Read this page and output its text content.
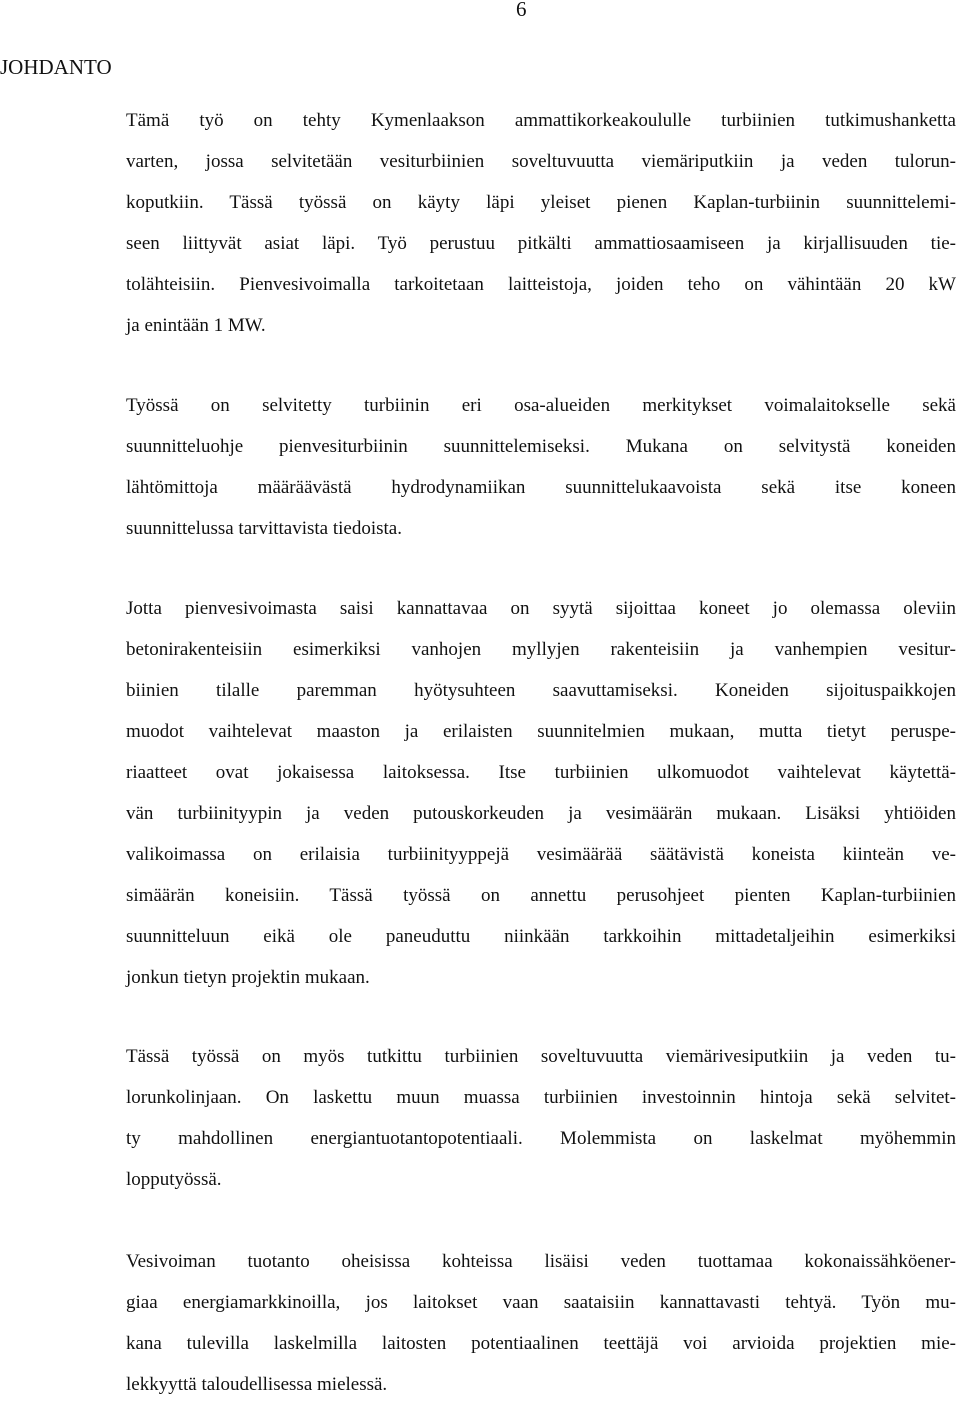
6
JOHDANTO
Tämä työ on tehty Kymenlaakson ammattikorkeakoululle turbiinien tutkimushanketta
varten, jossa selvitetään vesiturbiinien soveltuvuutta viemäriputkiin ja veden tulorun-
koputkiin. Tässä työssä on käyty läpi yleiset pienen Kaplan-turbiinin suunnittelemi-
seen liittyvät asiat läpi. Työ perustuu pitkälti ammattiosaamiseen ja kirjallisuuden tie-
tolähteisiin. Pienvesivoimalla tarkoitetaan laitteistoja, joiden teho on vähintään 20 kW
ja enintään 1 MW.
Työssä on selvitetty turbiinin eri osa-alueiden merkitykset voimalaitokselle sekä
suunnitteluohje pienvesiturbiinin suunnittelemiseksi. Mukana on selvitystä koneiden
lähtömittoja määräävästä hydrodynamiikan suunnittelukaavoista sekä itse koneen
suunnittelussa tarvittavista tiedoista.
Jotta pienvesivoimasta saisi kannattavaa on syytä sijoittaa koneet jo olemassa oleviin
betonirakenteisiin esimerkiksi vanhojen myllyjen rakenteisiin ja vanhempien vesitur-
biinien tilalle paremman hyötysuhteen saavuttamiseksi. Koneiden sijoituspaikkojen
muodot vaihtelevat maaston ja erilaisten suunnitelmien mukaan, mutta tietyt peruspe-
riaatteet ovat jokaisessa laitoksessa. Itse turbiinien ulkomuodot vaihtelevat käytettä-
vän turbiinityypin ja veden putouskorkeuden ja vesimäärän mukaan. Lisäksi yhtiöiden
valikoimassa on erilaisia turbiinityyppejä vesimäärää säätävistä koneista kiinteän ve-
simäärän koneisiin. Tässä työssä on annettu perusohjeet pienten Kaplan-turbiinien
suunnitteluun eikä ole paneuduttu niinkään tarkkoihin mittadetaljeihin esimerkiksi
jonkun tietyn projektin mukaan.
Tässä työssä on myös tutkittu turbiinien soveltuvuutta viemärivesiputkiin ja veden tu-
lorunkolinjaan. On laskettu muun muassa turbiinien investoinnin hintoja sekä selvitet-
ty mahdollinen energiantuotantopotentiaali. Molemmista on laskelmat myöhemmin
lopputyössä.
Vesivoiman tuotanto oheisissa kohteissa lisäisi veden tuottamaa kokonaissähköener-
giaa energiamarkkinoilla, jos laitokset vaan saataisiin kannattavasti tehtyä. Työn mu-
kana tulevilla laskelmilla laitosten potentiaalinen teettäjä voi arvioida projektien mie-
lekkyyttä taloudellisessa mielessä.
